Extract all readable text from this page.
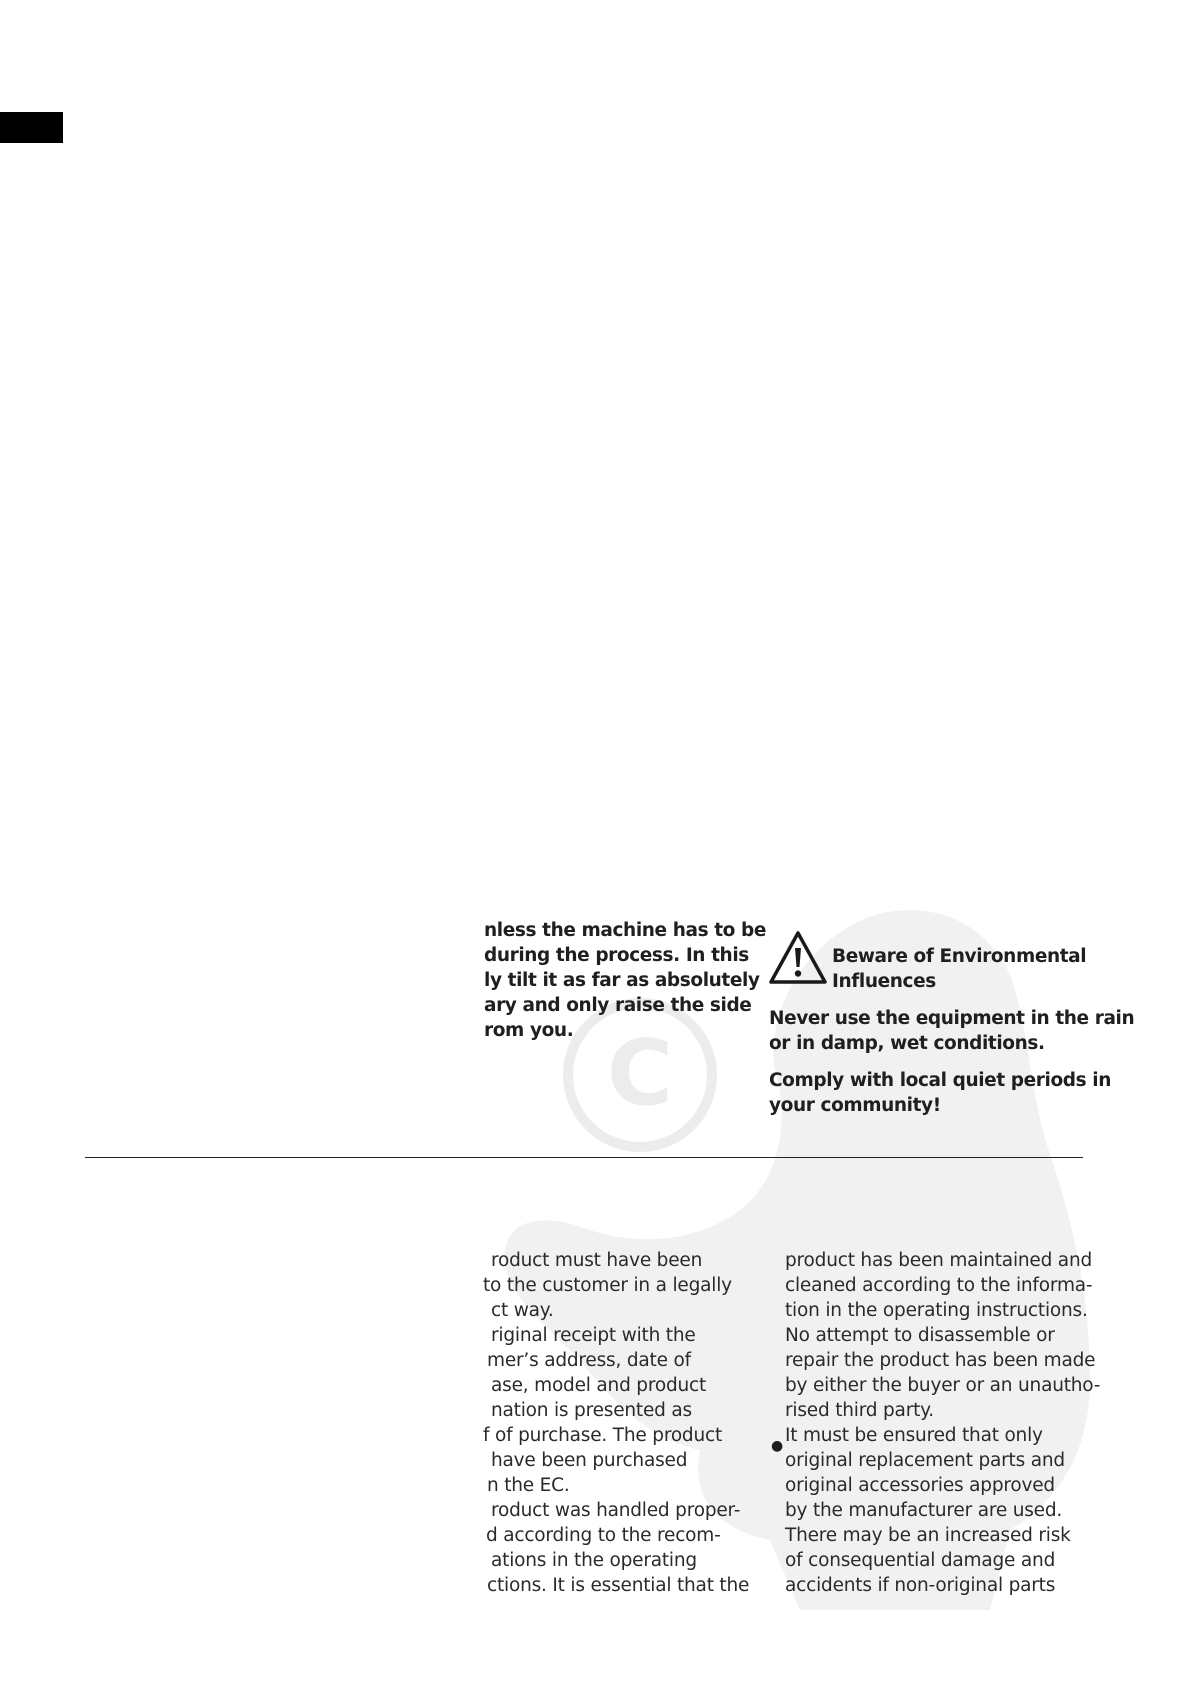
C
nless the machine has to be
during the process. In this
ly tilt it as far as absolutely
ary and only raise the side
rom you.
Beware of Environmental
Influences
Never use the equipment in the rain
or in damp, wet conditions.
Comply with local quiet periods in
your community!
roduct must have been
to the customer in a legally
ct way.
riginal receipt with the
mer’s address, date of
ase, model and product
nation is presented as
f of purchase. The product
have been purchased
n the EC.
roduct was handled proper-
d according to the recom-
ations in the operating
ctions. It is essential that the
●
product has been maintained and
cleaned according to the informa-
tion in the operating instructions.
No attempt to disassemble or
repair the product has been made
by either the buyer or an unautho-
rised third party.
It must be ensured that only
original replacement parts and
original accessories approved
by the manufacturer are used.
There may be an increased risk
of consequential damage and
accidents if non-original parts
